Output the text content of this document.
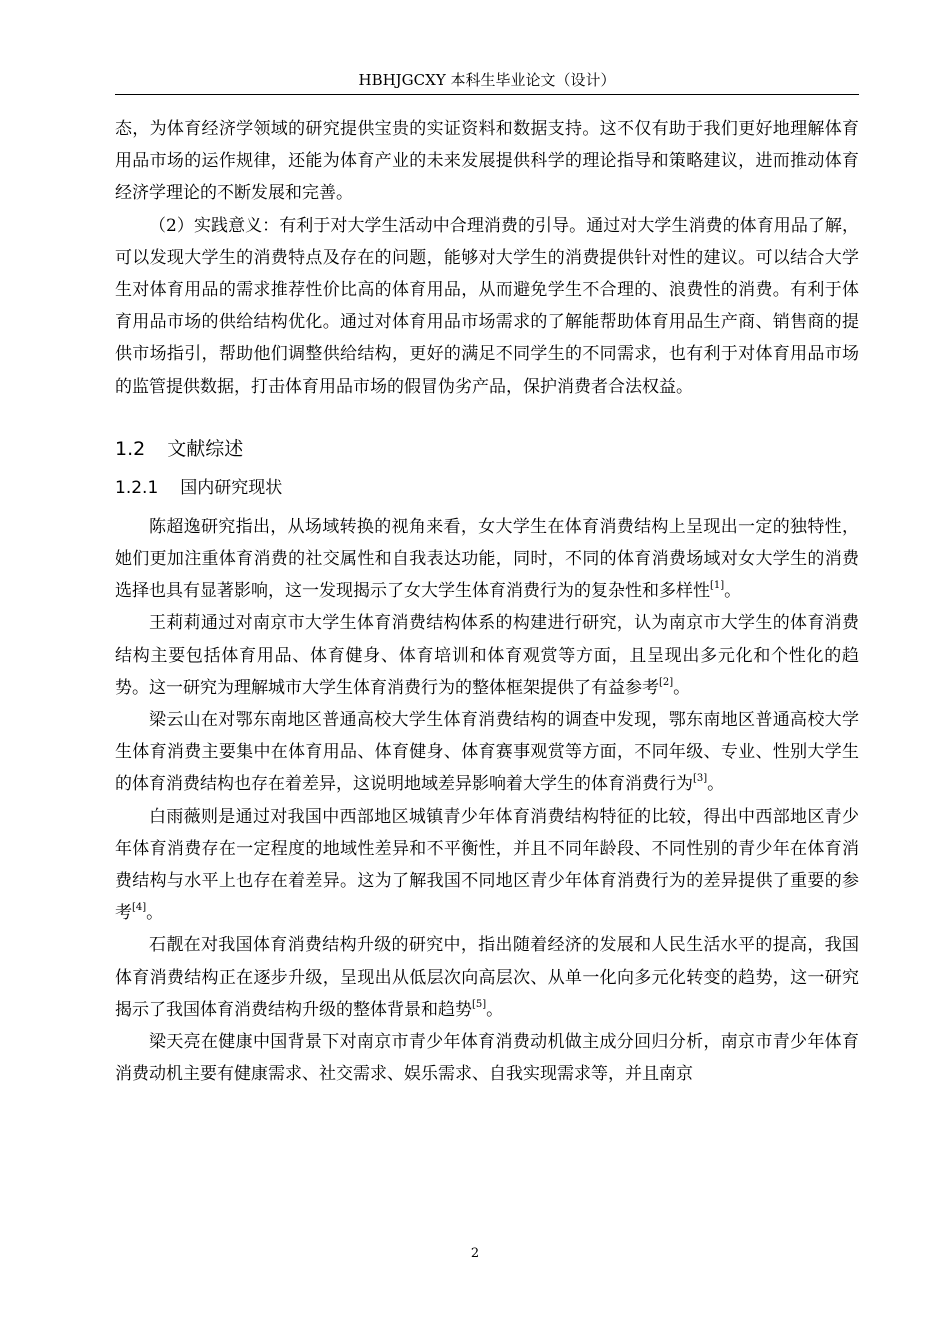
HBHJGCXY 本科生毕业论文（设计）

态，为体育经济学领域的研究提供宝贵的实证资料和数据支持。这不仅有助于我们更好地理解体育用品市场的运作规律，还能为体育产业的未来发展提供科学的理论指导和策略建议，进而推动体育经济学理论的不断发展和完善。

（2）实践意义：有利于对大学生活动中合理消费的引导。通过对大学生消费的体育用品了解，可以发现大学生的消费特点及存在的问题，能够对大学生的消费提供针对性的建议。可以结合大学生对体育用品的需求推荐性价比高的体育用品，从而避免学生不合理的、浪费性的消费。有利于体育用品市场的供给结构优化。通过对体育用品市场需求的了解能帮助体育用品生产商、销售商的提供市场指引，帮助他们调整供给结构，更好的满足不同学生的不同需求，也有利于对体育用品市场的监管提供数据，打击体育用品市场的假冒伪劣产品，保护消费者合法权益。

1.2 文献综述
1.2.1 国内研究现状

陈超逸研究指出，从场域转换的视角来看，女大学生在体育消费结构上呈现出一定的独特性，她们更加注重体育消费的社交属性和自我表达功能，同时，不同的体育消费场域对女大学生的消费选择也具有显著影响，这一发现揭示了女大学生体育消费行为的复杂性和多样性[1]。

王莉莉通过对南京市大学生体育消费结构体系的构建进行研究，认为南京市大学生的体育消费结构主要包括体育用品、体育健身、体育培训和体育观赏等方面，且呈现出多元化和个性化的趋势。这一研究为理解城市大学生体育消费行为的整体框架提供了有益参考[2]。

梁云山在对鄂东南地区普通高校大学生体育消费结构的调查中发现，鄂东南地区普通高校大学生体育消费主要集中在体育用品、体育健身、体育赛事观赏等方面，不同年级、专业、性别大学生的体育消费结构也存在着差异，这说明地域差异影响着大学生的体育消费行为[3]。

白雨薇则是通过对我国中西部地区城镇青少年体育消费结构特征的比较，得出中西部地区青少年体育消费存在一定程度的地域性差异和不平衡性，并且不同年龄段、不同性别的青少年在体育消费结构与水平上也存在着差异。这为了解我国不同地区青少年体育消费行为的差异提供了重要的参考[4]。

石靓在对我国体育消费结构升级的研究中，指出随着经济的发展和人民生活水平的提高，我国体育消费结构正在逐步升级，呈现出从低层次向高层次、从单一化向多元化转变的趋势，这一研究揭示了我国体育消费结构升级的整体背景和趋势[5]。

梁天亮在健康中国背景下对南京市青少年体育消费动机做主成分回归分析，南京市青少年体育消费动机主要有健康需求、社交需求、娱乐需求、自我实现需求等，并且南京

2
